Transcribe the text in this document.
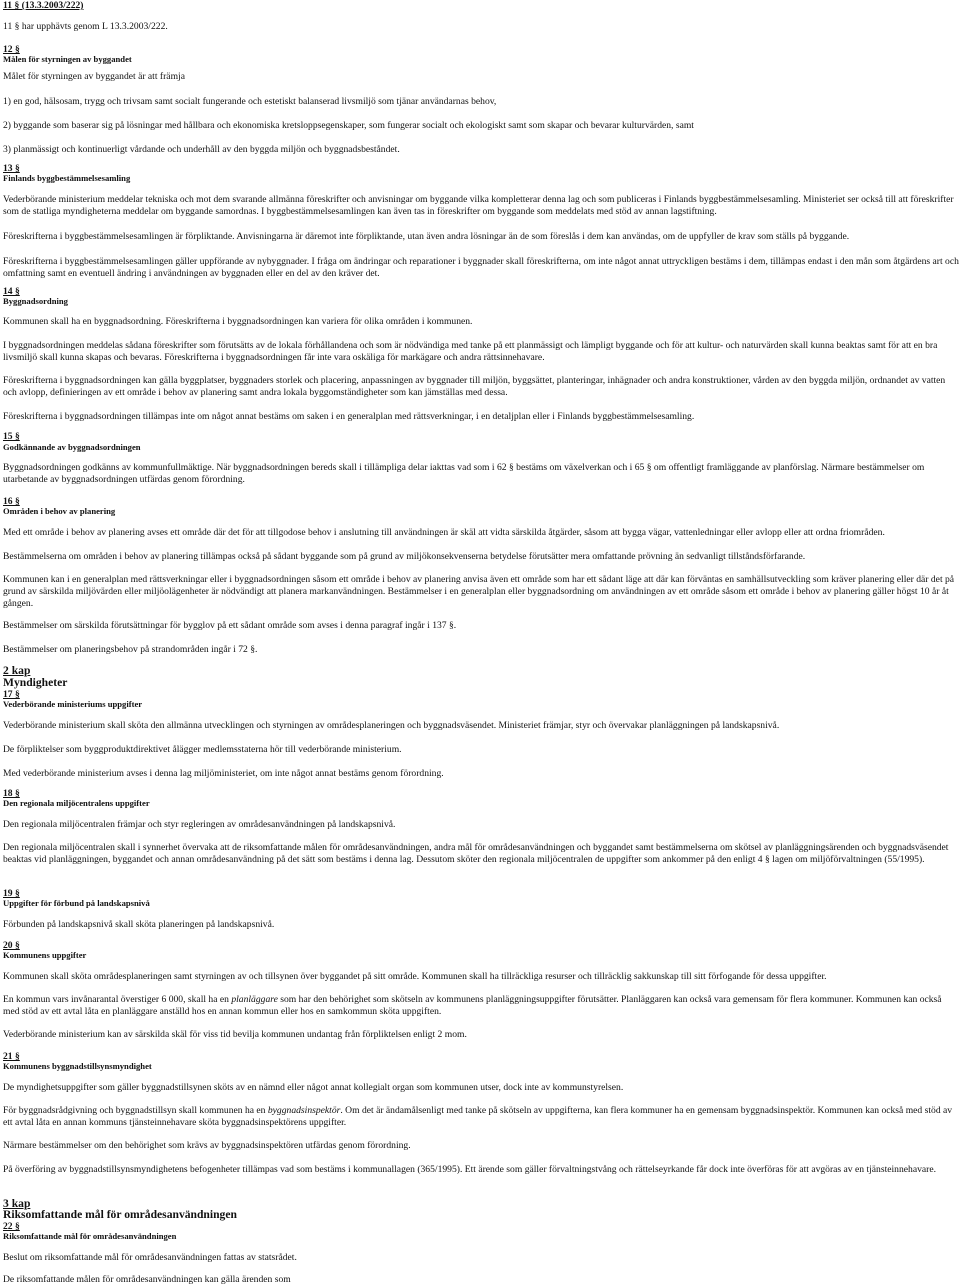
11 § (13.3.2003/222)

11 § har upphävts genom L 13.3.2003/222.

12 §
Målen för styrningen av byggandet

Målet för styrningen av byggandet är att främja

1) en god, hälsosam, trygg och trivsam samt socialt fungerande och estetiskt balanserad livsmiljö som tjänar användarnas behov,

2) byggande som baserar sig på lösningar med hållbara och ekonomiska kretsloppsegenskaper, som fungerar socialt och ekologiskt samt som skapar och bevarar kulturvärden, samt

3) planmässigt och kontinuerligt vårdande och underhåll av den byggda miljön och byggnadsbeståndet.

13 §
Finlands byggbestämmelsesamling

Vederbörande ministerium meddelar tekniska och mot dem svarande allmänna föreskrifter och anvisningar om byggande vilka kompletterar denna lag och som publiceras i Finlands byggbestämmelsesamling. Ministeriet ser också till att föreskrifter som de statliga myndigheterna meddelar om byggande samordnas. I byggbestämmelsesamlingen kan även tas in föreskrifter om byggande som meddelats med stöd av annan lagstiftning.

Föreskrifterna i byggbestämmelsesamlingen är förpliktande. Anvisningarna är däremot inte förpliktande, utan även andra lösningar än de som föreslås i dem kan användas, om de uppfyller de krav som ställs på byggande.

Föreskrifterna i byggbestämmelsesamlingen gäller uppförande av nybyggnader. I fråga om ändringar och reparationer i byggnader skall föreskrifterna, om inte något annat uttryckligen bestäms i dem, tillämpas endast i den mån som åtgärdens art och omfattning samt en eventuell ändring i användningen av byggnaden eller en del av den kräver det.

14 §
Byggnadsordning

Kommunen skall ha en byggnadsordning. Föreskrifterna i byggnadsordningen kan variera för olika områden i kommunen.

I byggnadsordningen meddelas sådana föreskrifter som förutsätts av de lokala förhållandena och som är nödvändiga med tanke på ett planmässigt och lämpligt byggande och för att kultur- och naturvärden skall kunna beaktas samt för att en bra livsmiljö skall kunna skapas och bevaras. Föreskrifterna i byggnadsordningen får inte vara oskäliga för markägare och andra rättsinnehavare.

Föreskrifterna i byggnadsordningen kan gälla byggplatser, byggnaders storlek och placering, anpassningen av byggnader till miljön, byggsättet, planteringar, inhägnader och andra konstruktioner, vården av den byggda miljön, ordnandet av vatten och avlopp, definieringen av ett område i behov av planering samt andra lokala byggomständigheter som kan jämställas med dessa.

Föreskrifterna i byggnadsordningen tillämpas inte om något annat bestäms om saken i en generalplan med rättsverkningar, i en detaljplan eller i Finlands byggbestämmelsesamling.

15 §
Godkännande av byggnadsordningen

Byggnadsordningen godkänns av kommunfullmäktige. När byggnadsordningen bereds skall i tillämpliga delar iakttas vad som i 62 § bestäms om växelverkan och i 65 § om offentligt framläggande av planförslag. Närmare bestämmelser om utarbetande av byggnadsordningen utfärdas genom förordning.

16 §
Områden i behov av planering

Med ett område i behov av planering avses ett område där det för att tillgodose behov i anslutning till användningen är skäl att vidta särskilda åtgärder, såsom att bygga vägar, vattenledningar eller avlopp eller att ordna friområden.

Bestämmelserna om områden i behov av planering tillämpas också på sådant byggande som på grund av miljökonsekvenserna betydelse förutsätter mera omfattande prövning än sedvanligt tillståndsförfarande.

Kommunen kan i en generalplan med rättsverkningar eller i byggnadsordningen såsom ett område i behov av planering anvisa även ett område som har ett sådant läge att där kan förväntas en samhällsutveckling som kräver planering eller där det på grund av särskilda miljövärden eller miljöolägenheter är nödvändigt att planera markanvändningen. Bestämmelser i en generalplan eller byggnadsordning om användningen av ett område såsom ett område i behov av planering gäller högst 10 år åt gången.

Bestämmelser om särskilda förutsättningar för bygglov på ett sådant område som avses i denna paragraf ingår i 137 §.

Bestämmelser om planeringsbehov på strandområden ingår i 72 §.

2 kap
Myndigheter
17 §
Vederbörande ministeriums uppgifter

Vederbörande ministerium skall sköta den allmänna utvecklingen och styrningen av områdesplaneringen och byggnadsväsendet. Ministeriet främjar, styr och övervakar planläggningen på landskapsnivå.

De förpliktelser som byggproduktdirektivet ålägger medlemsstaterna hör till vederbörande ministerium.

Med vederbörande ministerium avses i denna lag miljöministeriet, om inte något annat bestäms genom förordning.

18 §
Den regionala miljöcentralens uppgifter

Den regionala miljöcentralen främjar och styr regleringen av områdesanvändningen på landskapsnivå.

Den regionala miljöcentralen skall i synnerhet övervaka att de riksomfattande målen för områdesanvändningen, andra mål för områdesanvändningen och byggandet samt bestämmelserna om skötsel av planläggningsärenden och byggnadsväsendet beaktas vid planläggningen, byggandet och annan områdesanvändning på det sätt som bestäms i denna lag. Dessutom sköter den regionala miljöcentralen de uppgifter som ankommer på den enligt 4 § lagen om miljöförvaltningen (55/1995).

19 §
Uppgifter för förbund på landskapsnivå

Förbunden på landskapsnivå skall sköta planeringen på landskapsnivå.

20 §
Kommunens uppgifter

Kommunen skall sköta områdesplaneringen samt styrningen av och tillsynen över byggandet på sitt område. Kommunen skall ha tillräckliga resurser och tillräcklig sakkunskap till sitt förfogande för dessa uppgifter.

En kommun vars invånarantal överstiger 6 000, skall ha en planläggare som har den behörighet som skötseln av kommunens planläggningsuppgifter förutsätter. Planläggaren kan också vara gemensam för flera kommuner. Kommunen kan också med stöd av ett avtal låta en planläggare anställd hos en annan kommun eller hos en samkommun sköta uppgiften.

Vederbörande ministerium kan av särskilda skäl för viss tid bevilja kommunen undantag från förpliktelsen enligt 2 mom.

21 §
Kommunens byggnadstillsynsmyndighet

De myndighetsuppgifter som gäller byggnadstillsynen sköts av en nämnd eller något annat kollegialt organ som kommunen utser, dock inte av kommunstyrelsen.

För byggnadsrådgivning och byggnadstillsyn skall kommunen ha en byggnadsinspektör. Om det är ändamålsenligt med tanke på skötseln av uppgifterna, kan flera kommuner ha en gemensam byggnadsinspektör. Kommunen kan också med stöd av ett avtal låta en annan kommuns tjänsteinnehavare sköta byggnadsinspektörens uppgifter.

Närmare bestämmelser om den behörighet som krävs av byggnadsinspektören utfärdas genom förordning.

På överföring av byggnadstillsynsmyndighetens befogenheter tillämpas vad som bestäms i kommunallagen (365/1995). Ett ärende som gäller förvaltningstvång och rättelseyrkande får dock inte överföras för att avgöras av en tjänsteinnehavare.

3 kap
Riksomfattande mål för områdesanvändningen
22 §
Riksomfattande mål för områdesanvändningen

Beslut om riksomfattande mål för områdesanvändningen fattas av statsrådet.

De riksomfattande målen för områdesanvändningen kan gälla ärenden som
